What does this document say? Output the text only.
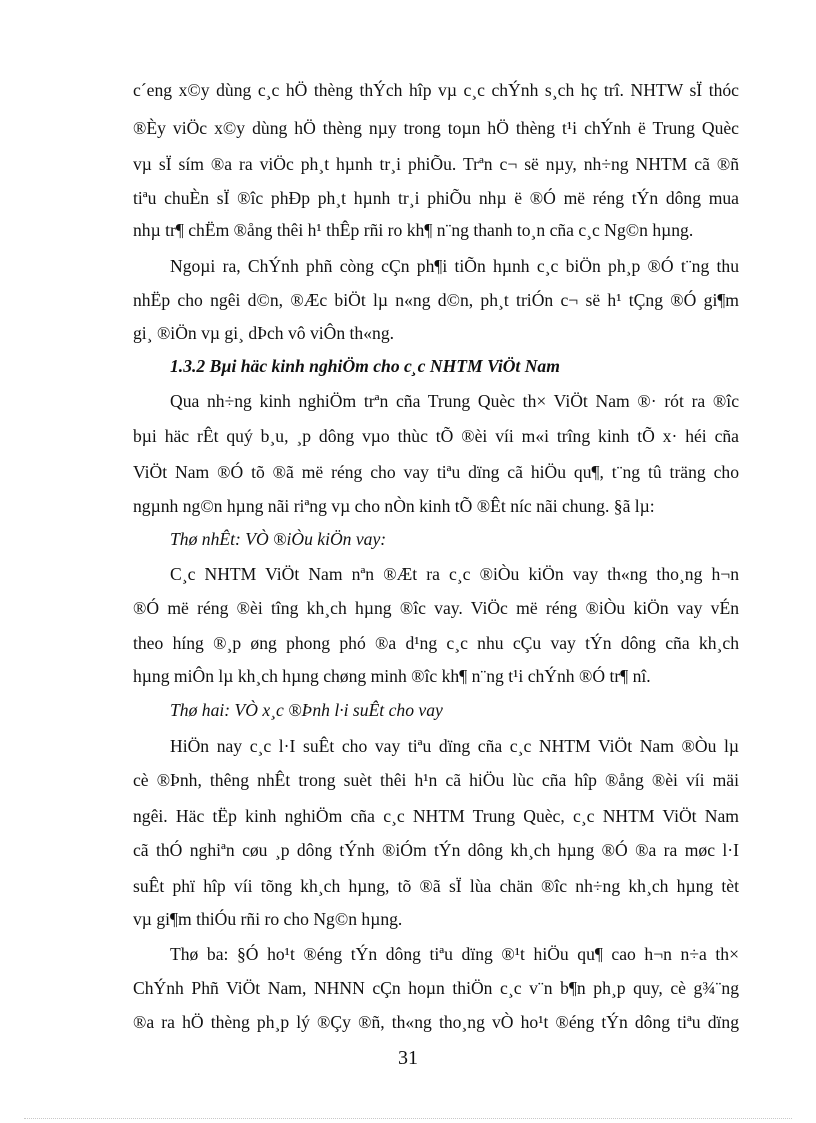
c´eng x©y dùng c¸c hÖ thèng thÝch hîp vµ c¸c chÝnh s¸ch hç trî. NHTW sÏ thóc
®Èy viÖc x©y dùng hÖ thèng nµy trong toµn hÖ thèng t¹i chÝnh ë Trung Quèc
vµ sÏ sím ®a ra viÖc ph¸t hµnh tr¸i phiÕu. Trªn c¬ së nµy, nh÷ng NHTM cã ®ñ
tiªu chuÈn sÏ ®îc phÐp ph¸t hµnh tr¸i phiÕu nhµ ë ®Ó më réng tÝn dông mua
nhµ tr¶ chËm ®ång thêi h¹ thÊp rñi ro kh¶ n¨ng thanh to¸n cña c¸c Ng©n hµng.
Ngoµi ra, ChÝnh phñ còng cÇn ph¶i tiÕn hµnh c¸c biÖn ph¸p ®Ó t¨ng thu
nhËp cho ngêi d©n, ®Æc biÖt lµ n«ng d©n, ph¸t triÓn c¬ së h¹ tÇng ®Ó gi¶m
gi¸ ®iÖn vµ gi¸ dÞch vô viÔn th«ng.
1.3.2 Bµi häc kinh nghiÖm cho c¸c NHTM ViÖt Nam
Qua nh÷ng kinh nghiÖm trªn cña Trung Quèc th× ViÖt Nam ®· rót ra ®îc
bµi häc rÊt quý b¸u, ¸p dông vµo thùc tÕ ®èi víi m«i trîng kinh tÕ x· héi cña
ViÖt Nam ®Ó tõ ®ã më réng cho vay tiªu dïng cã hiÖu qu¶, t¨ng tû träng cho
ngµnh ng©n hµng nãi riªng vµ cho nÒn kinh tÕ ®Êt níc nãi chung. §ã lµ:
Thø nhÊt: VÒ ®iÒu kiÖn vay:
C¸c NHTM ViÖt Nam nªn ®Æt ra c¸c ®iÒu kiÖn vay th«ng tho¸ng h¬n
®Ó më réng ®èi tîng kh¸ch hµng ®îc vay. ViÖc më réng ®iÒu kiÖn vay vÉn
theo híng ®¸p øng phong phó ®a d¹ng c¸c nhu cÇu vay tÝn dông cña kh¸ch
hµng miÔn lµ kh¸ch hµng chøng minh ®îc kh¶ n¨ng t¹i chÝnh ®Ó tr¶ nî.
Thø hai: VÒ x¸c ®Þnh l·i suÊt cho vay
HiÖn nay c¸c l·I suÊt cho vay tiªu dïng cña c¸c NHTM ViÖt Nam ®Òu lµ
cè ®Þnh, thêng nhÊt trong suèt thêi h¹n cã hiÖu lùc cña hîp ®ång ®èi víi mäi
ngêi. Häc tËp kinh nghiÖm cña c¸c NHTM Trung Quèc, c¸c NHTM ViÖt Nam
cã thÓ nghiªn cøu ¸p dông tÝnh ®iÓm tÝn dông kh¸ch hµng ®Ó ®a ra møc l·I
suÊt phï hîp víi tõng kh¸ch hµng, tõ ®ã sÏ lùa chän ®îc nh÷ng kh¸ch hµng tèt
vµ gi¶m thiÓu rñi ro cho Ng©n hµng.
Thø ba: §Ó ho¹t ®éng tÝn dông tiªu dïng ®¹t hiÖu qu¶ cao h¬n n÷a th×
ChÝnh Phñ ViÖt Nam, NHNN cÇn hoµn thiÖn c¸c v¨n b¶n ph¸p quy, cè g¾¨ng
®a ra hÖ thèng ph¸p lý ®Çy ®ñ, th«ng tho¸ng vÒ ho¹t ®éng tÝn dông tiªu dïng
31
